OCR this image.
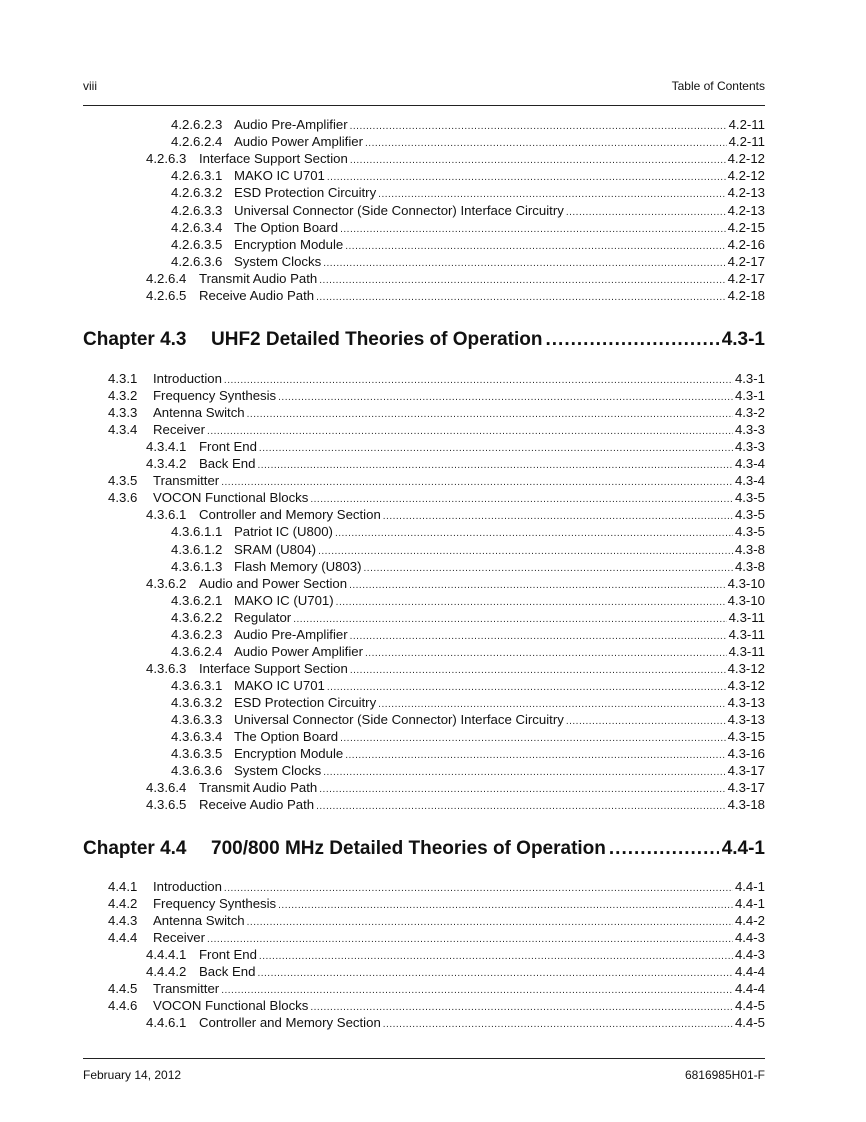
viii	Table of Contents
4.2.6.2.3 Audio Pre-Amplifier .....	4.2-11
4.2.6.2.4 Audio Power Amplifier .....	4.2-11
4.2.6.3 Interface Support Section .....	4.2-12
4.2.6.3.1 MAKO IC U701 .....	4.2-12
4.2.6.3.2 ESD Protection Circuitry .....	4.2-13
4.2.6.3.3 Universal Connector (Side Connector) Interface Circuitry .....	4.2-13
4.2.6.3.4 The Option Board .....	4.2-15
4.2.6.3.5 Encryption Module .....	4.2-16
4.2.6.3.6 System Clocks .....	4.2-17
4.2.6.4 Transmit Audio Path .....	4.2-17
4.2.6.5 Receive Audio Path .....	4.2-18
Chapter 4.3	UHF2 Detailed Theories of Operation .....	4.3-1
4.3.1	Introduction .....	4.3-1
4.3.2	Frequency Synthesis .....	4.3-1
4.3.3	Antenna Switch .....	4.3-2
4.3.4	Receiver .....	4.3-3
4.3.4.1 Front End .....	4.3-3
4.3.4.2 Back End .....	4.3-4
4.3.5	Transmitter .....	4.3-4
4.3.6	VOCON Functional Blocks .....	4.3-5
4.3.6.1 Controller and Memory Section .....	4.3-5
4.3.6.1.1 Patriot IC (U800) .....	4.3-5
4.3.6.1.2 SRAM (U804) .....	4.3-8
4.3.6.1.3 Flash Memory (U803) .....	4.3-8
4.3.6.2 Audio and Power Section .....	4.3-10
4.3.6.2.1 MAKO IC (U701) .....	4.3-10
4.3.6.2.2 Regulator .....	4.3-11
4.3.6.2.3 Audio Pre-Amplifier .....	4.3-11
4.3.6.2.4 Audio Power Amplifier .....	4.3-11
4.3.6.3 Interface Support Section .....	4.3-12
4.3.6.3.1 MAKO IC U701 .....	4.3-12
4.3.6.3.2 ESD Protection Circuitry .....	4.3-13
4.3.6.3.3 Universal Connector (Side Connector) Interface Circuitry .....	4.3-13
4.3.6.3.4 The Option Board .....	4.3-15
4.3.6.3.5 Encryption Module .....	4.3-16
4.3.6.3.6 System Clocks .....	4.3-17
4.3.6.4 Transmit Audio Path .....	4.3-17
4.3.6.5 Receive Audio Path .....	4.3-18
Chapter 4.4	700/800 MHz Detailed Theories of Operation .....	4.4-1
4.4.1	Introduction .....	4.4-1
4.4.2	Frequency Synthesis .....	4.4-1
4.4.3	Antenna Switch .....	4.4-2
4.4.4	Receiver .....	4.4-3
4.4.4.1 Front End .....	4.4-3
4.4.4.2 Back End .....	4.4-4
4.4.5	Transmitter .....	4.4-4
4.4.6	VOCON Functional Blocks .....	4.4-5
4.4.6.1 Controller and Memory Section .....	4.4-5
February 14, 2012	6816985H01-F
